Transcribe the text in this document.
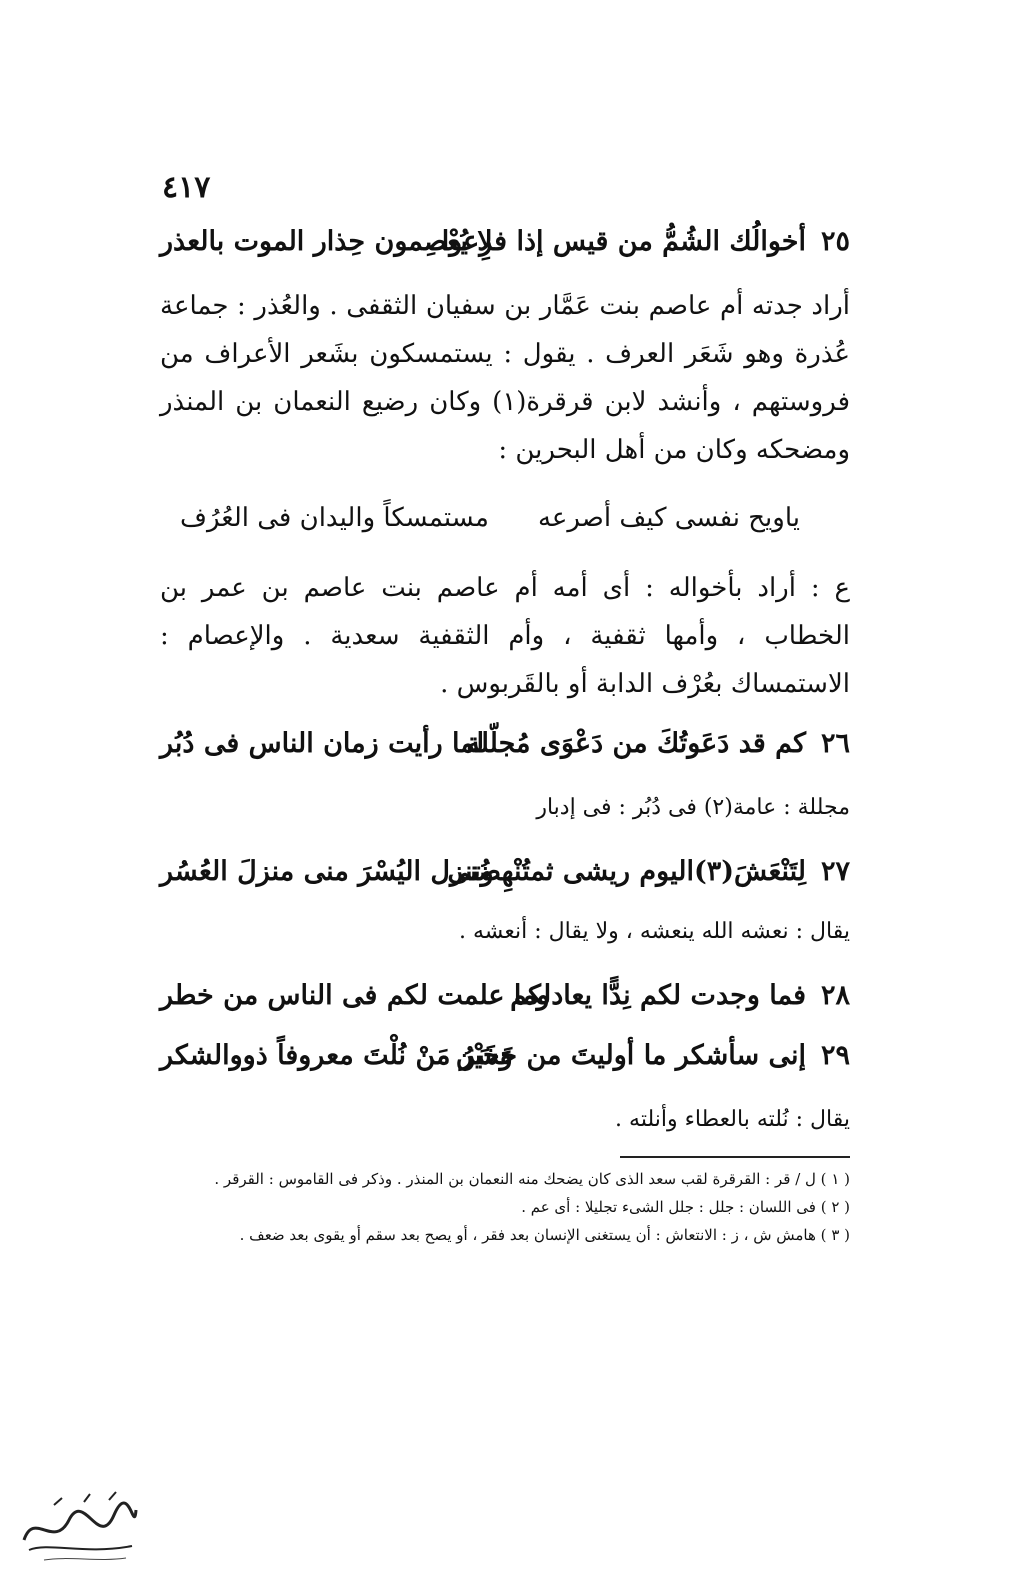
٤١٧
٢٥
أخوالُك الشُمُّ من قيس إذا فزِعوا
لا يُعْصِمون حِذار الموت بالعذر
أراد جدته أم عاصم بنت عَمَّار بن سفيان الثقفى . والعُذر : جماعة عُذرة وهو شَعَر العرف . يقول : يستمسكون بشَعر الأعراف من فروستهم ، وأنشد لابن قرقرة(١) وكان رضيع النعمان بن المنذر ومضحكه وكان من أهل البحرين :
ياويح نفسى كيف أصرعه
مستمسكاً واليدان فى العُرُف
ع : أراد بأخواله : أى أمه أم عاصم بنت عاصم بن عمر بن الخطاب ، وأمها ثقفية ، وأم الثقفية سعدية . والإعصام : الاستمساك بعُرْف الدابة أو بالقَربوس .
٢٦
كم قد دَعَوتُكَ من دَعْوَى مُجلّلة
لما رأيت زمان الناس فى دُبُر
مجللة : عامة(٢) فى دُبُر : فى إدبار
٢٧
لِتَنْعَشَ(٣)اليوم ريشى ثمتُنْهِضُنى
وتنزل اليُسْرَ منى منزلَ العُسُر
يقال : نعشه الله ينعشه ، ولا يقال : أنعشه .
٢٨
فما وجدت لكم نِدًّا يعادلكم
وما علمت لكم فى الناس من خطر
٢٩
إنى سأشكر ما أوليتَ من حَسَن
وَخَيْرُ مَنْ نُلْتَ معروفاً ذووالشكر
يقال : نُلته بالعطاء وأنلته .
( ١ ) ل / قر : القرقرة لقب سعد الذى كان يضحك منه النعمان بن المنذر . وذكر فى القاموس : القرقر .
( ٢ ) فى اللسان : جلل : جلل الشىء تجليلا : أى عم .
( ٣ ) هامش ش ، ز : الانتعاش : أن يستغنى الإنسان بعد فقر ، أو يصح بعد سقم أو يقوى بعد ضعف .
